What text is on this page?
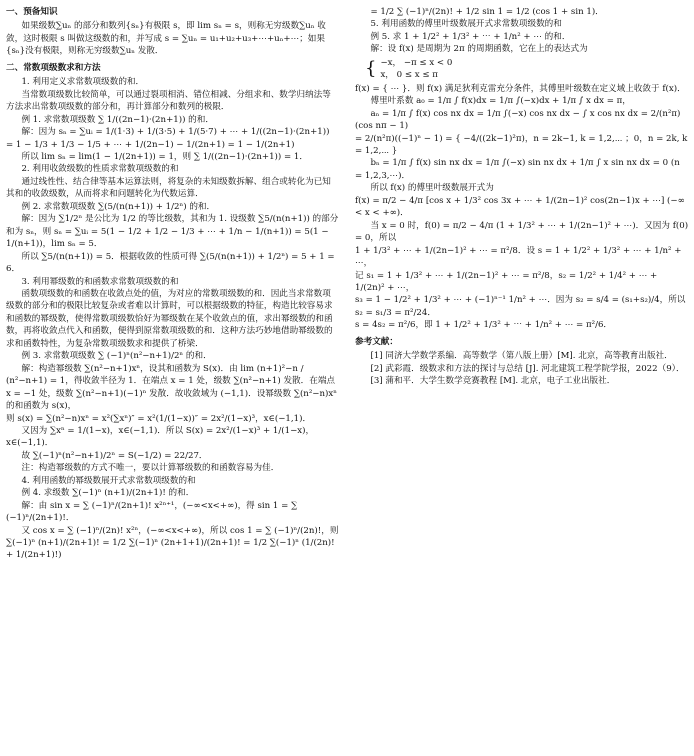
一、预备知识

如果级数∑uₙ 的部分和数列{sₙ}有极限 s，即 lim sₙ = s，则称无穷级数∑uₙ 收敛，这时极限 s 叫做这级数的和，并写成 s = ∑uₙ = u₁+u₂+u₃+⋯+uₙ+⋯；如果{sₙ}没有极限，则称无穷级数∑uₙ 发散．

二、常数项级数求和方法

1. 利用定义求常数项级数的和．

当常数项级数比较简单，可以通过裂项相消、错位相减、分组求和、数学归纳法等方法求出常数项级数的部分和，再计算部分和数列的极限．

例 1. 求常数项级数 ∑ 1/((2n−1)·(2n+1)) 的和．

解：因为 sₙ = ∑uᵢ = 1/(1·3) + 1/(3·5) + 1/(5·7) + ⋯ + 1/((2n−1)·(2n+1))

= 1 − 1/3 + 1/3 − 1/5 + ⋯ + 1/(2n−1) − 1/(2n+1) = 1 − 1/(2n+1)

所以 lim sₙ = lim(1 − 1/(2n+1)) = 1，则 ∑ 1/((2n−1)·(2n+1)) = 1．

2. 利用收敛级数的性质求常数项级数的和

通过线性性、结合律等基本运算法则，将复杂的未知级数拆解、组合或转化为已知其和的收敛级数，从而将求和问题转化为代数运算．

例 2. 求常数项级数 ∑(5/(n(n+1)) + 1/2ⁿ) 的和．

解：因为 ∑1/2ⁿ 是公比为 1/2 的等比级数，其和为 1. 设级数 ∑5/(n(n+1)) 的部分和为 sₙ，则 sₙ = ∑uᵢ = 5(1 − 1/2 + 1/2 − 1/3 + ⋯ + 1/n − 1/(n+1)) = 5(1 − 1/(n+1))，lim sₙ = 5．

所以 ∑5/(n(n+1)) = 5．根据收敛的性质可得 ∑(5/(n(n+1)) + 1/2ⁿ) = 5 + 1 = 6．

3. 利用幂级数的和函数求常数项级数的和

函数项级数的和函数在收敛点处的值，为对应的常数项级数的和．因此当求常数项级数的部分和的极限比较复杂或者难以计算时，可以根据级数的特征，构造比较容易求和函数的幂级数，使得常数项级数恰好为幂级数在某个收敛点的值，求出幂级数的和函数，再将收敛点代入和函数，便得到原常数项级数的和．这种方法巧妙地借助幂级数的求和函数特性，为复杂常数项级数求和提供了桥梁．

例 3. 求常数项级数 ∑ (−1)ⁿ(n²−n+1)/2ⁿ 的和．

解：构造幂级数 ∑(n²−n+1)xⁿ，设其和函数为 S(x)．由 lim (n+1)²−n / (n²−n+1) = 1，得收敛半径为 1．在端点 x = 1 处，级数 ∑(n²−n+1) 发散．在端点 x = −1 处，级数 ∑(n²−n+1)(−1)ⁿ 发散．故收敛域为 (−1,1)．设幂级数 ∑(n²−n)xⁿ 的和函数为 s(x)，

则 s(x) = ∑(n²−n)xⁿ = x²(∑xⁿ)″ = x²(1/(1−x))″ = 2x²/(1−x)³，x∈(−1,1)．

又因为 ∑xⁿ = 1/(1−x)，x∈(−1,1)．所以 S(x) = 2x²/(1−x)³ + 1/(1−x)，x∈(−1,1)．

故 ∑(−1)ⁿ(n²−n+1)/2ⁿ = S(−1/2) = 22/27．

注：构造幂级数的方式不唯一，要以计算幂级数的和函数容易为佳．

4. 利用函数的幂级数展开式求常数项级数的和

例 4. 求级数 ∑(−1)ⁿ (n+1)/(2n+1)! 的和．

解：由 sin x = ∑ (−1)ⁿ/(2n+1)! x²ⁿ⁺¹，(−∞<x<+∞)，得 sin 1 = ∑ (−1)ⁿ/(2n+1)!．

又 cos x = ∑ (−1)ⁿ/(2n)! x²ⁿ，(−∞<x<+∞)，所以 cos 1 = ∑ (−1)ⁿ/(2n)!，则

∑(−1)ⁿ (n+1)/(2n+1)! = 1/2 ∑(−1)ⁿ (2n+1+1)/(2n+1)! = 1/2 ∑(−1)ⁿ (1/(2n)! + 1/(2n+1)!)

= 1/2 ∑ (−1)ⁿ/(2n)! + 1/2 sin 1 = 1/2 (cos 1 + sin 1)．

5. 利用函数的傅里叶级数展开式求常数项级数的和

例 5. 求 1 + 1/2² + 1/3² + ⋯ + 1/n² + ⋯ 的和．

解：设 f(x) 是周期为 2π 的周期函数，它在上的表达式为

{ −x， −π ≤ x < 0
x， 0 ≤ x ≤ π

f(x) = { ⋯ }．则 f(x) 满足狄利克雷充分条件，其傅里叶级数在定义域上收敛于 f(x)．

傅里叶系数 a₀ = 1/π ∫ f(x)dx = 1/π ∫(−x)dx + 1/π ∫ x dx = π，

aₙ = 1/π ∫ f(x) cos nx dx = 1/π ∫(−x) cos nx dx − ∫ x cos nx dx = 2/(n²π)(cos nπ − 1)

= 2/(n²π)((−1)ⁿ − 1) = { −4/((2k−1)²π)，n = 2k−1, k = 1,2,⋯ ；0，n = 2k, k = 1,2,⋯ }

bₙ = 1/π ∫ f(x) sin nx dx = 1/π ∫(−x) sin nx dx + 1/π ∫ x sin nx dx = 0 (n = 1,2,3,⋯)．

所以 f(x) 的傅里叶级数展开式为

f(x) = π/2 − 4/π [cos x + 1/3² cos 3x + ⋯ + 1/(2n−1)² cos(2n−1)x + ⋯] (−∞ < x < +∞)．

当 x = 0 时，f(0) = π/2 − 4/π (1 + 1/3² + ⋯ + 1/(2n−1)² + ⋯)．又因为 f(0) = 0，所以

1 + 1/3² + ⋯ + 1/(2n−1)² + ⋯ = π²/8．设 s = 1 + 1/2² + 1/3² + ⋯ + 1/n² + ⋯，

记 s₁ = 1 + 1/3² + ⋯ + 1/(2n−1)² + ⋯ = π²/8，s₂ = 1/2² + 1/4² + ⋯ + 1/(2n)² + ⋯，

s₃ = 1 − 1/2² + 1/3² + ⋯ + (−1)ⁿ⁻¹ 1/n² + ⋯．因为 s₂ = s/4 = (s₁+s₂)/4，所以 s₂ = s₁/3 = π²/24．

s = 4s₂ = π²/6，即 1 + 1/2² + 1/3² + ⋯ + 1/n² + ⋯ = π²/6．

参考文献：

[1] 同济大学数学系编．高等数学（第八版上册）[M]. 北京，高等教育出版社．

[2] 武彩霞．级数求和方法的探讨与总结 [J]. 河北建筑工程学院学报，2022（9）．

[3] 蒲和平．大学生数学竞赛教程 [M]. 北京，电子工业出版社．
